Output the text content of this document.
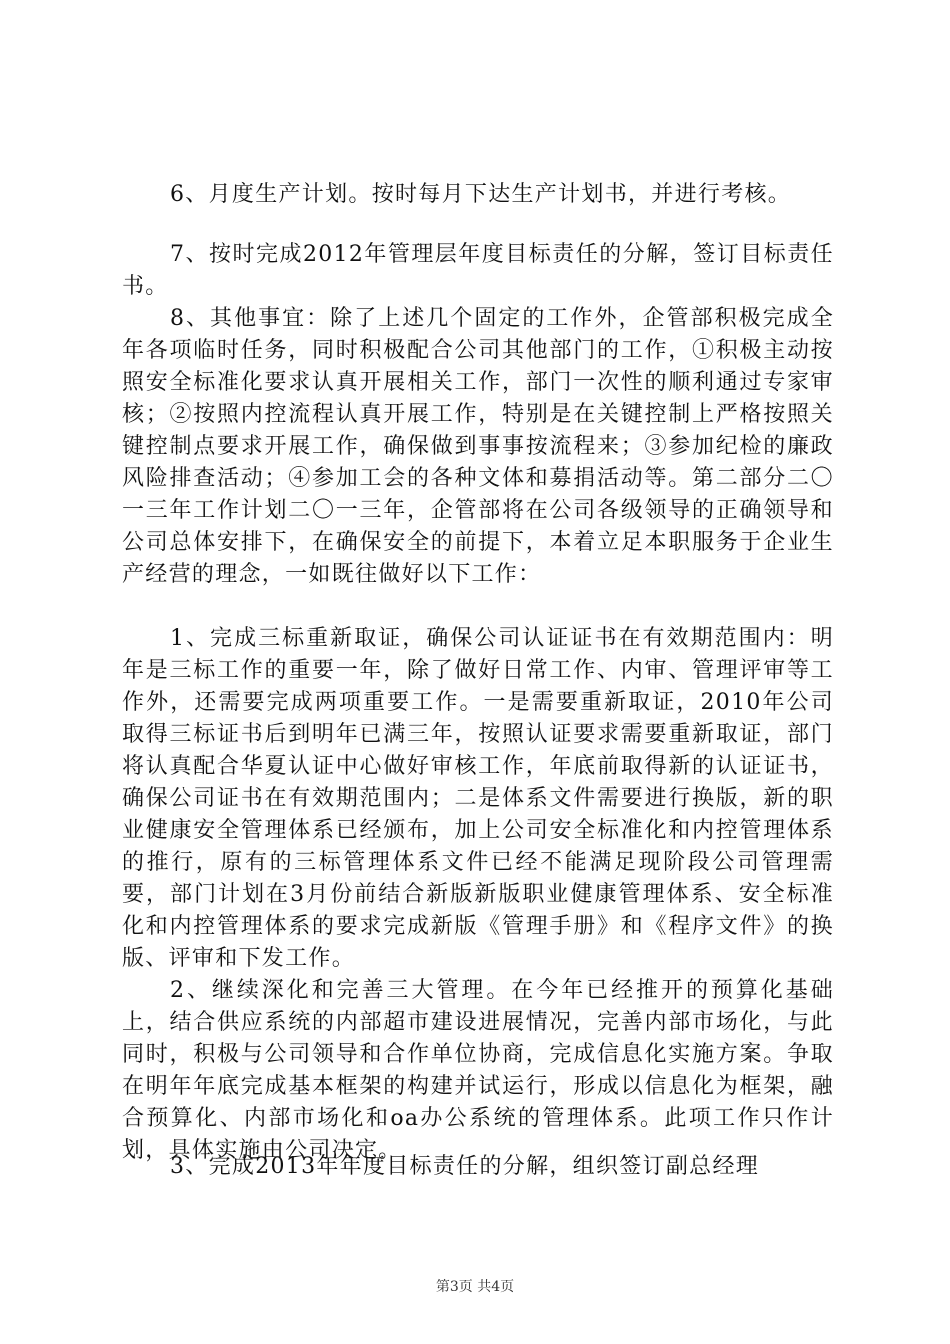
6、月度生产计划。按时每月下达生产计划书，并进行考核。

7、按时完成2012年管理层年度目标责任的分解，签订目标责任书。

8、其他事宜：除了上述几个固定的工作外，企管部积极完成全年各项临时任务，同时积极配合公司其他部门的工作，①积极主动按照安全标准化要求认真开展相关工作，部门一次性的顺利通过专家审核；②按照内控流程认真开展工作，特别是在关键控制上严格按照关键控制点要求开展工作，确保做到事事按流程来；③参加纪检的廉政风险排查活动；④参加工会的各种文体和募捐活动等。第二部分二〇一三年工作计划二〇一三年，企管部将在公司各级领导的正确领导和公司总体安排下，在确保安全的前提下，本着立足本职服务于企业生产经营的理念，一如既往做好以下工作：

1、完成三标重新取证，确保公司认证证书在有效期范围内：明年是三标工作的重要一年，除了做好日常工作、内审、管理评审等工作外，还需要完成两项重要工作。一是需要重新取证，2010年公司取得三标证书后到明年已满三年，按照认证要求需要重新取证，部门将认真配合华夏认证中心做好审核工作，年底前取得新的认证证书，确保公司证书在有效期范围内；二是体系文件需要进行换版，新的职业健康安全管理体系已经颁布，加上公司安全标准化和内控管理体系的推行，原有的三标管理体系文件已经不能满足现阶段公司管理需要，部门计划在3月份前结合新版新版职业健康管理体系、安全标准化和内控管理体系的要求完成新版《管理手册》和《程序文件》的换版、评审和下发工作。

2、继续深化和完善三大管理。在今年已经推开的预算化基础上，结合供应系统的内部超市建设进展情况，完善内部市场化，与此同时，积极与公司领导和合作单位协商，完成信息化实施方案。争取在明年年底完成基本框架的构建并试运行，形成以信息化为框架，融合预算化、内部市场化和oa办公系统的管理体系。此项工作只作计划，具体实施由公司决定。

3、完成2013年年度目标责任的分解，组织签订副总经理

第3页 共4页
